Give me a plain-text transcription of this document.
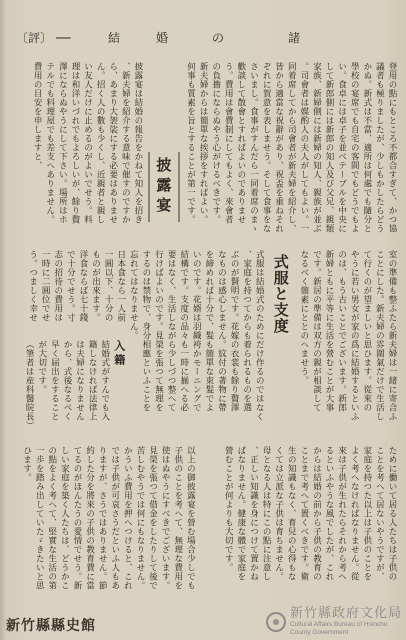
〔評〕 ──	結	婚	の	諸
登用の點にもところ不都合すぎて、かつ協
議者も極りましたが、少しもかしたらどう
かぬ。新式は不當、適所は何處でも隨分と
學校の宴席でも自宅の客間でもどうでもよ
い。食卓には卓子を並べテーブルを中央に
して新郎側には新郎の知人及び父兄、親類
家族、新婦側には新婦の知人、親族が並ぶ
。司會者は媒酌人の夫人がしてもよい。一
同着席してから司會者が新夫婦を紹介し、
皆から適當な祝辭があり、祝盃を重ねそれ
ぞれに賀意を表しませう。そして食事をな
さいまし。食事がすんだら一同着席のまゝ
歡談して散會とすればよいのでありませ
う。費用は會費制にしてもよく、來會者
の負擔にならぬやう心がけるべきです。
新夫婦からは簡單な挨拶をすればよい。
何事も質素を旨とすることが第一です。
披露宴
披露宴は結婚の報告をかねて知人を招き
、新夫婦を紹介する意味で催すのですか
ら、あまり大袈裟にする必要はありませ
ん。招く人の數も少くし、近親者と親し
い友人だけに止めるのがよいでせう。料
理は和洋いづれでもよろしいが、餘り贅
澤にならぬやうにして下さい。場所はホ
テルでも料理屋でも差支へありません。
費用の目安を申しますと、
室の準備も整ふたら新夫婦は一緒に寄合ふ
ことにした。新夫婦の雰圍氣だけで生活し
て行くのが望ましいと思ひます。從來の
やうに若い男女が家の爲に結婚するといふ
のは、もう古いことでございます。新郎
新婦ともに平等に生活を營むことが大事
です。新居の準備は双方の親が相談して
なるべく簡素にととのへませう。
式服と支度
式服は結婚式のためにだけ作るのではなく
、家庭を持つてからも着られるものを選
ぶのが賢明です。花嫁の衣裳も餘り贅澤
なものは感心しません。紋付の著物に帶
を締めれば十分で、髮も簡單な束髮でよ
いのです。花婿は羽織袴かモーニングで
結構です。支度の品々も一時に揃へる必
要はなく、生活しながら少しづつ整へて
行けばよいのです。見榮を張つて無理を
するのは禁物で、身分相應といふことを
忘れてはなりません。
日本食なら一人前
一圓以下、十分の
ものが出來ます。
洋食ならば七十錢
で十分でせう。寸
志の招待の費用は
一時に二圓位でせ
う。つましく幸せ
入籍
結婚式がすんでも入
籍しなければ法律上
は夫婦になりません
から、式後なるべく
早く届出をすること
が大切です。
（筆者は産科醫院長）
ために働いて居る人たちは子供の
ことを考へて居ないやうですが、
家庭を持つた以上は子供のことを
よく考へなければなりません。從
來は子供が生れたらそれから考へ
るといふやうな風でしたが、これ
からは結婚の前から子供の教育の
ことまで考へて置くべきです。衛
生の知識もなく、育兒の心得もな
くては立派な子供は育ちません。
母となる人は特にこの點に注意し
、正しい知識を身につけて置かね
ばなりません。健康な體で家庭を
營むことが何よりも大切です。
以上の御披露宴を營む場合少しでも
子供のことを考へて、無理な費用を
使はぬやうにすべきでございます。
見榮を張つて借金をしたりして後で
苦しむやうでは何にもなりません。
かういふ費用を押へつけると、これ
では子供が可哀さうだといふ人もあ
りますが、さうではありません。節
約した分を將來の子供の教育費に當
てるのがほんたうの愛情でせう。新
しい家庭を築く人たちは、どうかこ
の點をよく考へて、堅實な生活の第
一歩を踏み出していたゞきたいと思
ひます。
新竹縣縣史館
新竹縣政府文化局
Cultural Affairs Bureau of Hsinchu
County Government
